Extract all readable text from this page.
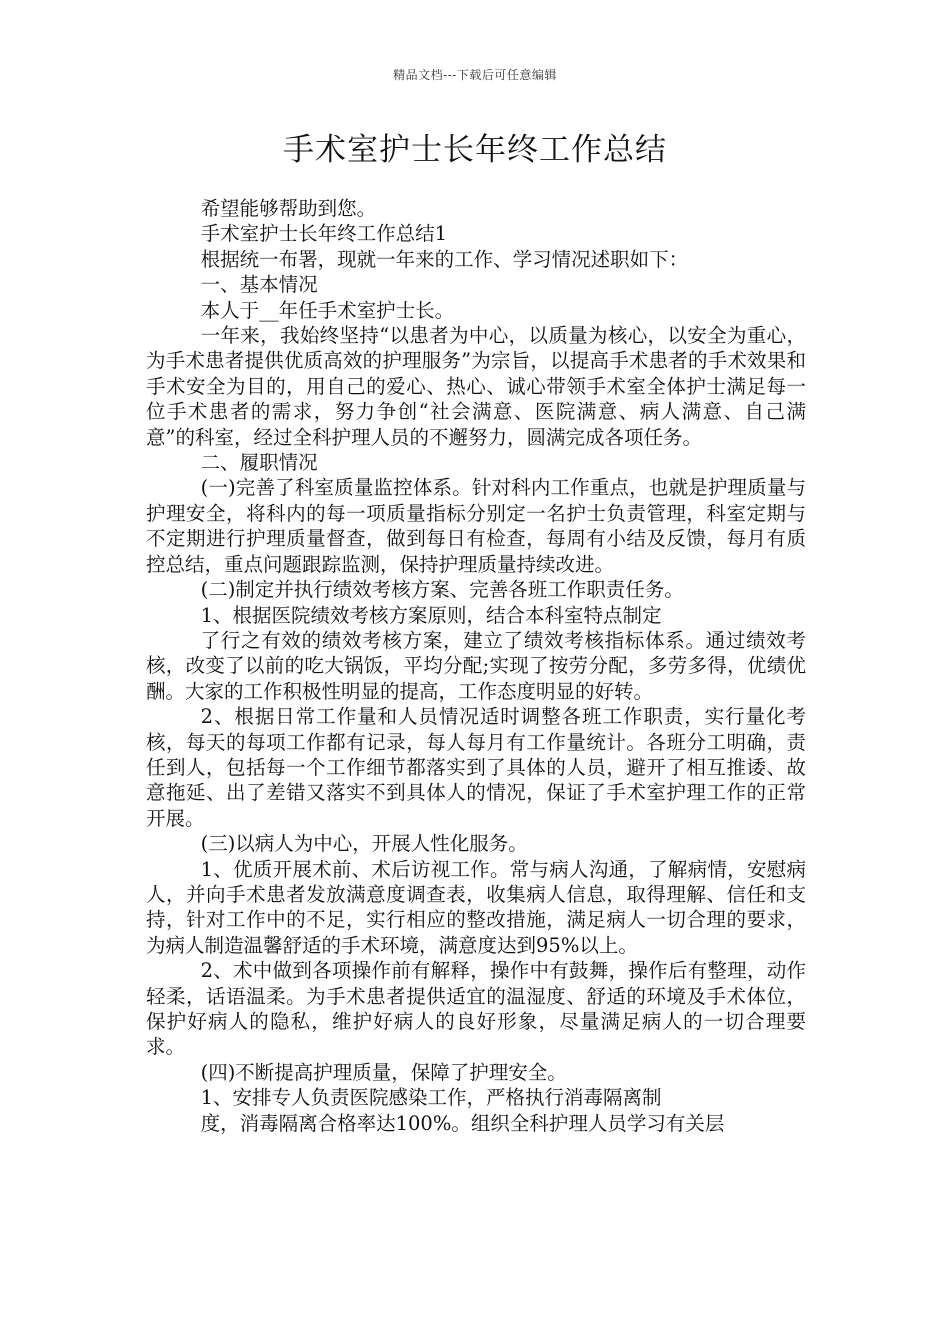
精品文档---下载后可任意编辑
手术室护士长年终工作总结

希望能够帮助到您。

手术室护士长年终工作总结1

根据统一布署，现就一年来的工作、学习情况述职如下：

一、基本情况

本人于__年任手术室护士长。

一年来，我始终坚持“以患者为中心，以质量为核心，以安全为重心，为手术患者提供优质高效的护理服务”为宗旨，以提高手术患者的手术效果和手术安全为目的，用自己的爱心、热心、诚心带领手术室全体护士满足每一位手术患者的需求，努力争创“社会满意、医院满意、病人满意、自己满意”的科室，经过全科护理人员的不邂努力，圆满完成各项任务。

二、履职情况

(一)完善了科室质量监控体系。针对科内工作重点，也就是护理质量与护理安全，将科内的每一项质量指标分别定一名护士负责管理，科室定期与不定期进行护理质量督查，做到每日有检查，每周有小结及反馈，每月有质控总结，重点问题跟踪监测，保持护理质量持续改进。

(二)制定并执行绩效考核方案、完善各班工作职责任务。

1、根据医院绩效考核方案原则，结合本科室特点制定

了行之有效的绩效考核方案，建立了绩效考核指标体系。通过绩效考核，改变了以前的吃大锅饭，平均分配;实现了按劳分配，多劳多得，优绩优酬。大家的工作积极性明显的提高，工作态度明显的好转。

2、根据日常工作量和人员情况适时调整各班工作职责，实行量化考核，每天的每项工作都有记录，每人每月有工作量统计。各班分工明确，责任到人，包括每一个工作细节都落实到了具体的人员，避开了相互推诿、故意拖延、出了差错又落实不到具体人的情况，保证了手术室护理工作的正常开展。

(三)以病人为中心，开展人性化服务。

1、优质开展术前、术后访视工作。常与病人沟通，了解病情，安慰病人，并向手术患者发放满意度调查表，收集病人信息，取得理解、信任和支持，针对工作中的不足，实行相应的整改措施，满足病人一切合理的要求，为病人制造温馨舒适的手术环境，满意度达到95%以上。

2、术中做到各项操作前有解释，操作中有鼓舞，操作后有整理，动作轻柔，话语温柔。为手术患者提供适宜的温湿度、舒适的环境及手术体位，保护好病人的隐私，维护好病人的良好形象，尽量满足病人的一切合理要求。

(四)不断提高护理质量，保障了护理安全。

1、安排专人负责医院感染工作，严格执行消毒隔离制

度，消毒隔离合格率达100%。组织全科护理人员学习有关层
